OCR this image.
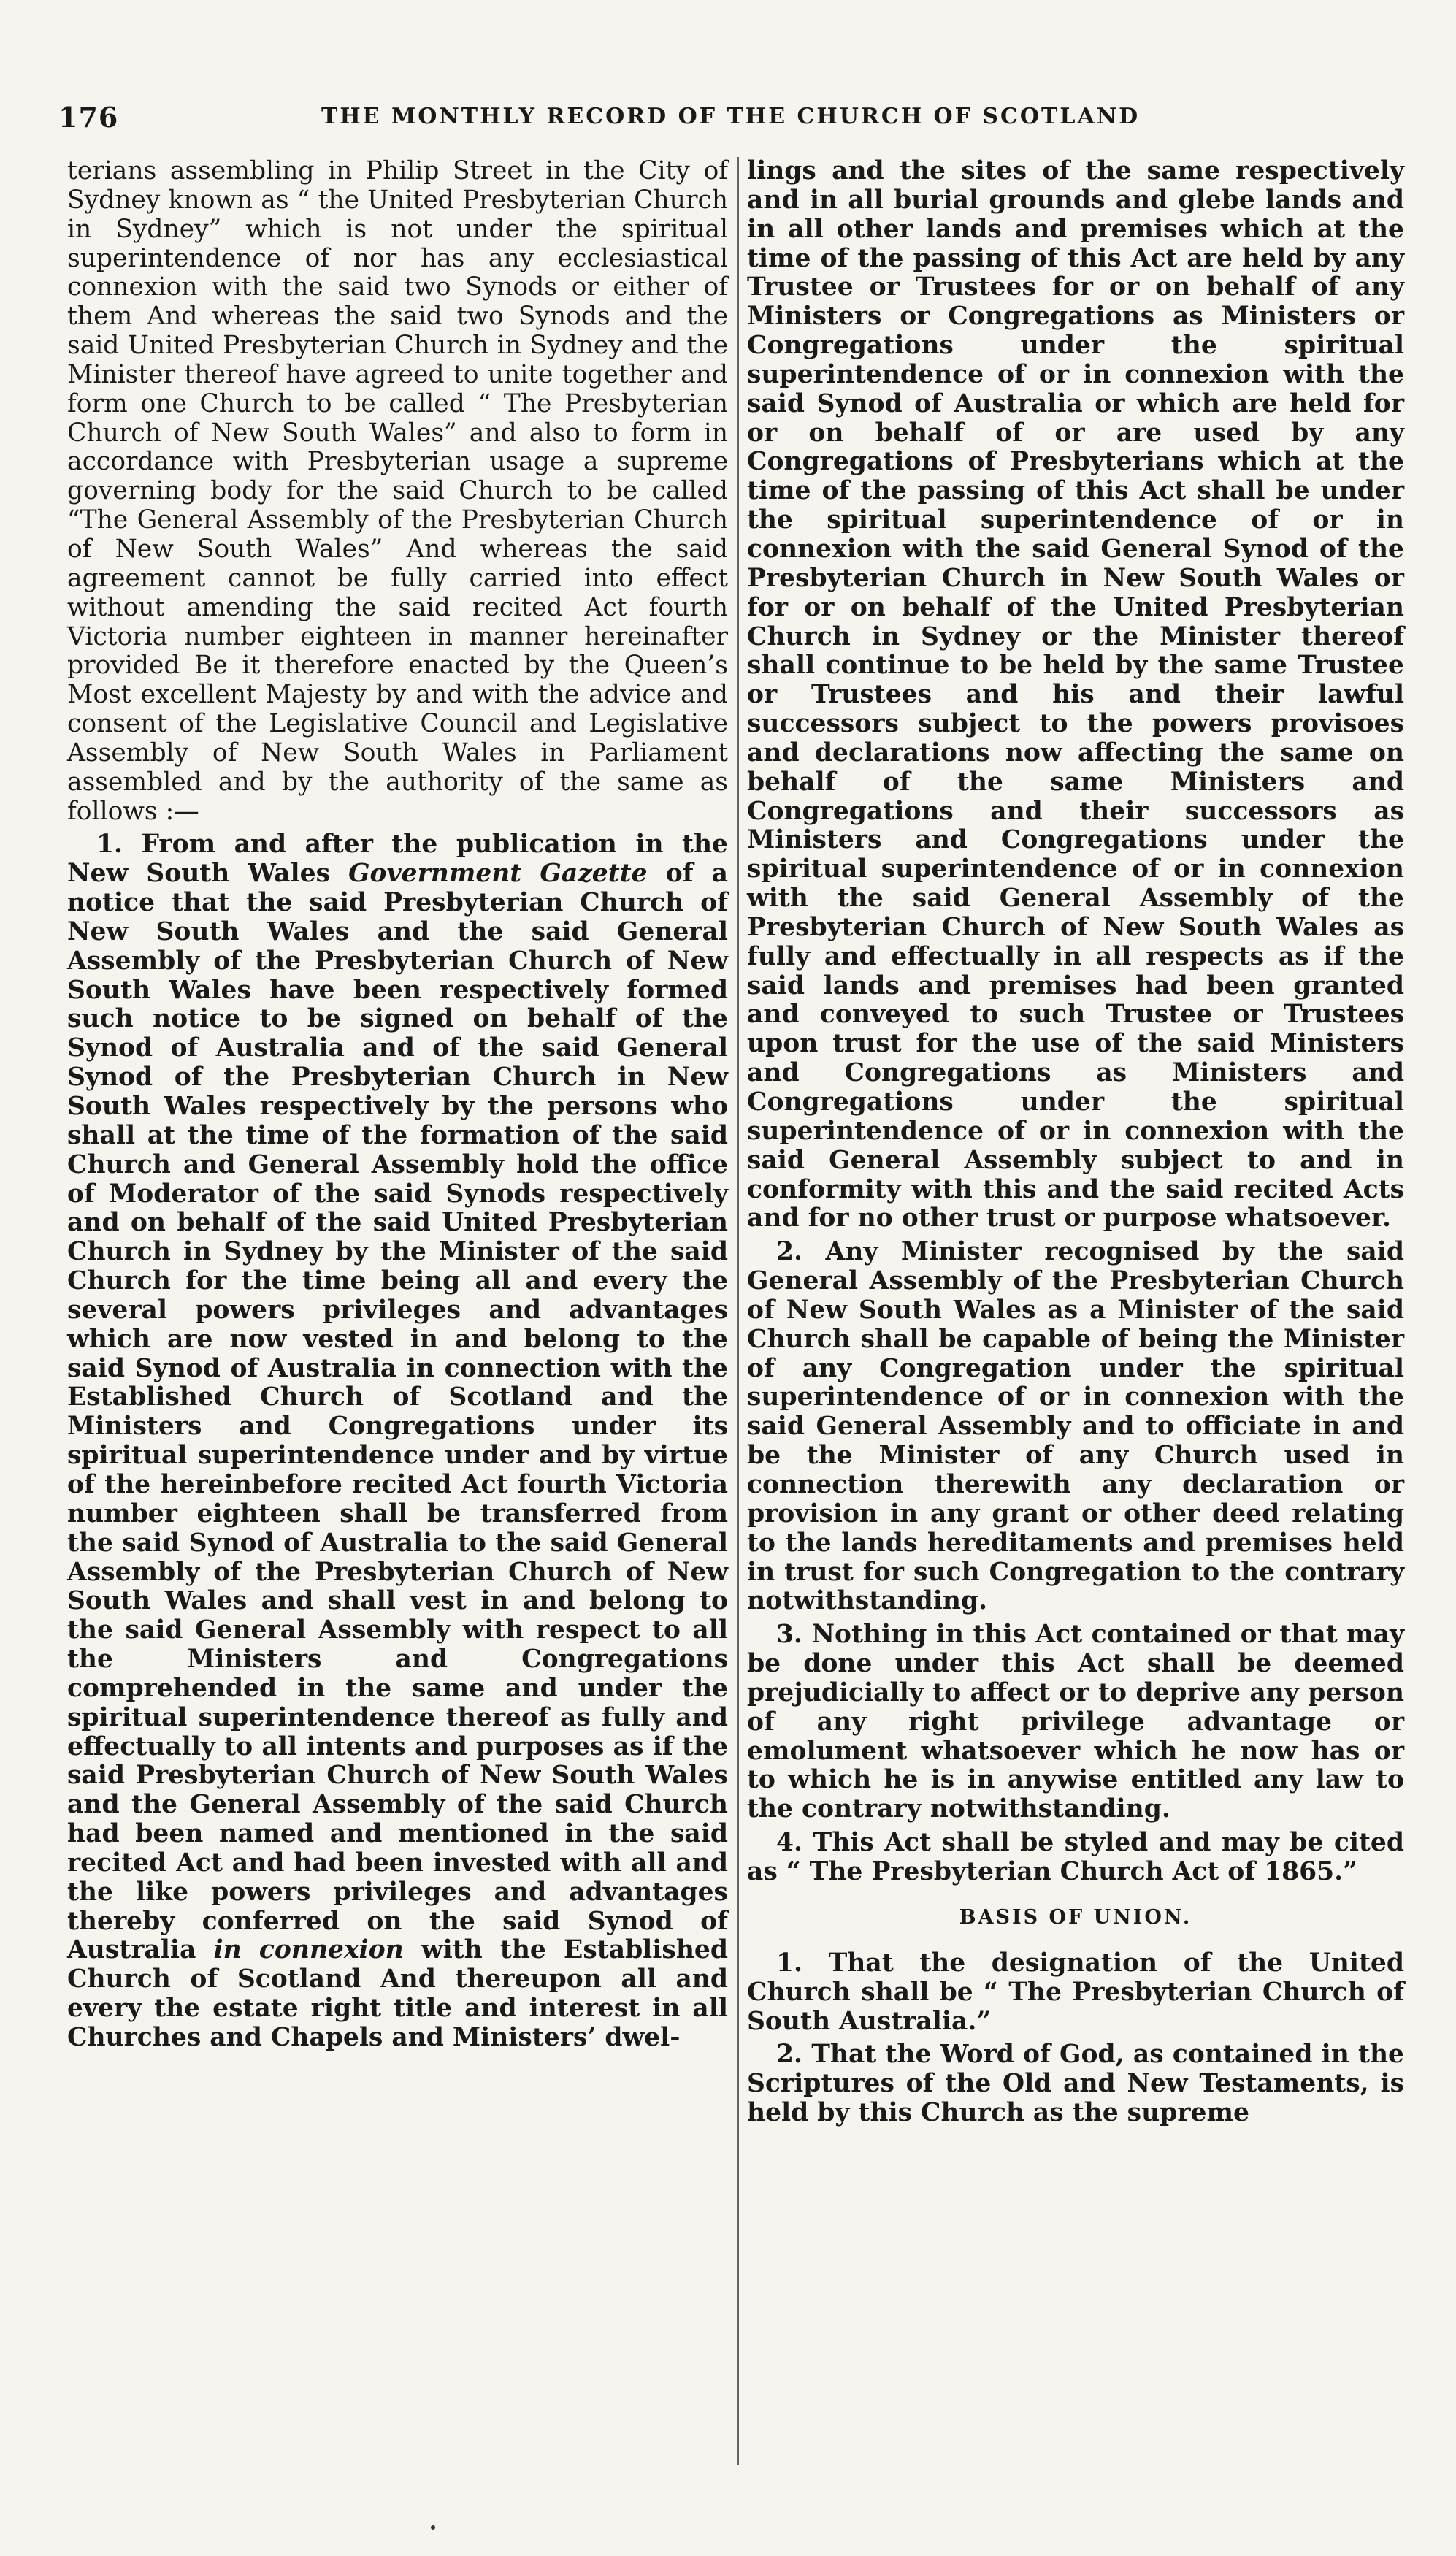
176	THE MONTHLY RECORD OF THE CHURCH OF SCOTLAND

terians assembling in Philip Street in the City of Sydney known as “ the United Presbyterian Church in Sydney” which is not under the spiritual superintendence of nor has any ecclesiastical connexion with the said two Synods or either of them And whereas the said two Synods and the said United Presbyterian Church in Sydney and the Minister thereof have agreed to unite together and form one Church to be called “ The Presbyterian Church of New South Wales” and also to form in accordance with Presbyterian usage a supreme governing body for the said Church to be called “The General Assembly of the Presbyterian Church of New South Wales” And whereas the said agreement cannot be fully carried into effect without amending the said recited Act fourth Victoria number eighteen in manner hereinafter provided Be it therefore enacted by the Queen’s Most excellent Majesty by and with the advice and consent of the Legislative Council and Legislative Assembly of New South Wales in Parliament assembled and by the authority of the same as follows :—

1. From and after the publication in the New South Wales Government Gazette of a notice that the said Presbyterian Church of New South Wales and the said General Assembly of the Presbyterian Church of New South Wales have been respectively formed such notice to be signed on behalf of the Synod of Australia and of the said General Synod of the Presbyterian Church in New South Wales respectively by the persons who shall at the time of the formation of the said Church and General Assembly hold the office of Moderator of the said Synods respectively and on behalf of the said United Presbyterian Church in Sydney by the Minister of the said Church for the time being all and every the several powers privileges and advantages which are now vested in and belong to the said Synod of Australia in connection with the Established Church of Scotland and the Ministers and Congregations under its spiritual superintendence under and by virtue of the hereinbefore recited Act fourth Victoria number eighteen shall be transferred from the said Synod of Australia to the said General Assembly of the Presbyterian Church of New South Wales and shall vest in and belong to the said General Assembly with respect to all the Ministers and Congregations comprehended in the same and under the spiritual superintendence thereof as fully and effectually to all intents and purposes as if the said Presbyterian Church of New South Wales and the General Assembly of the said Church had been named and mentioned in the said recited Act and had been invested with all and the like powers privileges and advantages thereby conferred on the said Synod of Australia in connexion with the Established Church of Scotland And thereupon all and every the estate right title and interest in all Churches and Chapels and Ministers’ dwel-

lings and the sites of the same respectively and in all burial grounds and glebe lands and in all other lands and premises which at the time of the passing of this Act are held by any Trustee or Trustees for or on behalf of any Ministers or Congregations as Ministers or Congregations under the spiritual superintendence of or in connexion with the said Synod of Australia or which are held for or on behalf of or are used by any Congregations of Presbyterians which at the time of the passing of this Act shall be under the spiritual superintendence of or in connexion with the said General Synod of the Presbyterian Church in New South Wales or for or on behalf of the United Presbyterian Church in Sydney or the Minister thereof shall continue to be held by the same Trustee or Trustees and his and their lawful successors subject to the powers provisoes and declarations now affecting the same on behalf of the same Ministers and Congregations and their successors as Ministers and Congregations under the spiritual superintendence of or in connexion with the said General Assembly of the Presbyterian Church of New South Wales as fully and effectually in all respects as if the said lands and premises had been granted and conveyed to such Trustee or Trustees upon trust for the use of the said Ministers and Congregations as Ministers and Congregations under the spiritual superintendence of or in connexion with the said General Assembly subject to and in conformity with this and the said recited Acts and for no other trust or purpose whatsoever.

2. Any Minister recognised by the said General Assembly of the Presbyterian Church of New South Wales as a Minister of the said Church shall be capable of being the Minister of any Congregation under the spiritual superintendence of or in connexion with the said General Assembly and to officiate in and be the Minister of any Church used in connection therewith any declaration or provision in any grant or other deed relating to the lands hereditaments and premises held in trust for such Congregation to the contrary notwithstanding.

3. Nothing in this Act contained or that may be done under this Act shall be deemed prejudicially to affect or to deprive any person of any right privilege advantage or emolument whatsoever which he now has or to which he is in anywise entitled any law to the contrary notwithstanding.

4. This Act shall be styled and may be cited as “ The Presbyterian Church Act of 1865.”

BASIS OF UNION.

1. That the designation of the United Church shall be “ The Presbyterian Church of South Australia.”

2. That the Word of God, as contained in the Scriptures of the Old and New Testaments, is held by this Church as the supreme
